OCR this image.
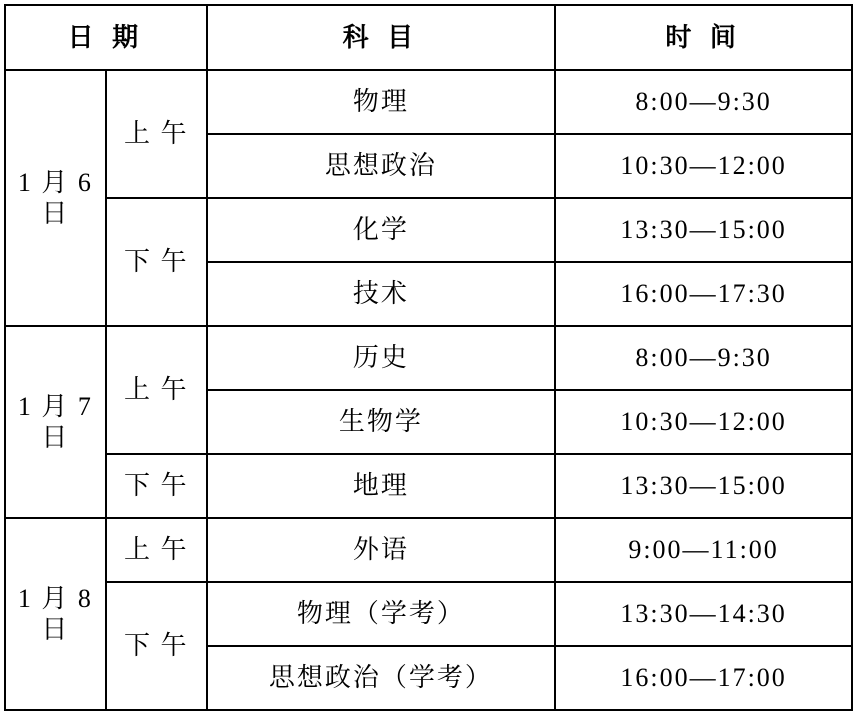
日 期		科 目	时 间
1 月 6 日	上 午	物理	8:00—9:30
		思想政治	10:30—12:00
	下 午	化学	13:30—15:00
		技术	16:00—17:30
1 月 7 日	上 午	历史	8:00—9:30
		生物学	10:30—12:00
	下 午	地理	13:30—15:00
1 月 8 日	上 午	外语	9:00—11:00
	下 午	物理（学考）	13:30—14:30
		思想政治（学考）	16:00—17:00
